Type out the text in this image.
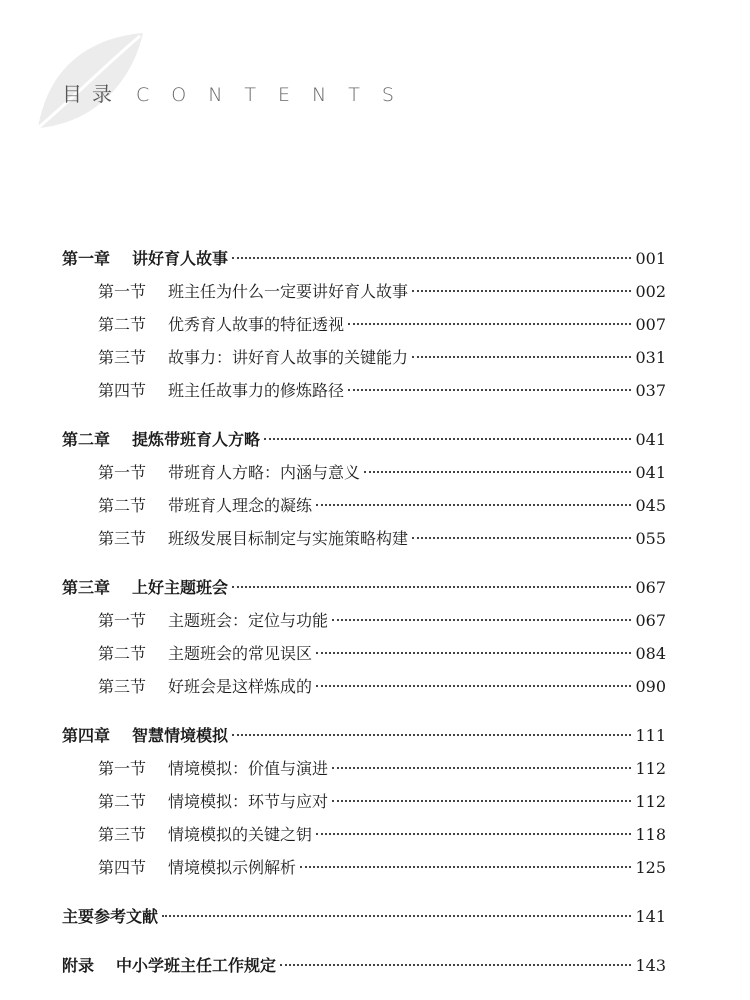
目录 CONTENTS
第一章 讲好育人故事	001
第一节 班主任为什么一定要讲好育人故事	002
第二节 优秀育人故事的特征透视	007
第三节 故事力：讲好育人故事的关键能力	031
第四节 班主任故事力的修炼路径	037
第二章 提炼带班育人方略	041
第一节 带班育人方略：内涵与意义	041
第二节 带班育人理念的凝练	045
第三节 班级发展目标制定与实施策略构建	055
第三章 上好主题班会	067
第一节 主题班会：定位与功能	067
第二节 主题班会的常见误区	084
第三节 好班会是这样炼成的	090
第四章 智慧情境模拟	111
第一节 情境模拟：价值与演进	112
第二节 情境模拟：环节与应对	112
第三节 情境模拟的关键之钥	118
第四节 情境模拟示例解析	125
主要参考文献	141
附录 中小学班主任工作规定	143
